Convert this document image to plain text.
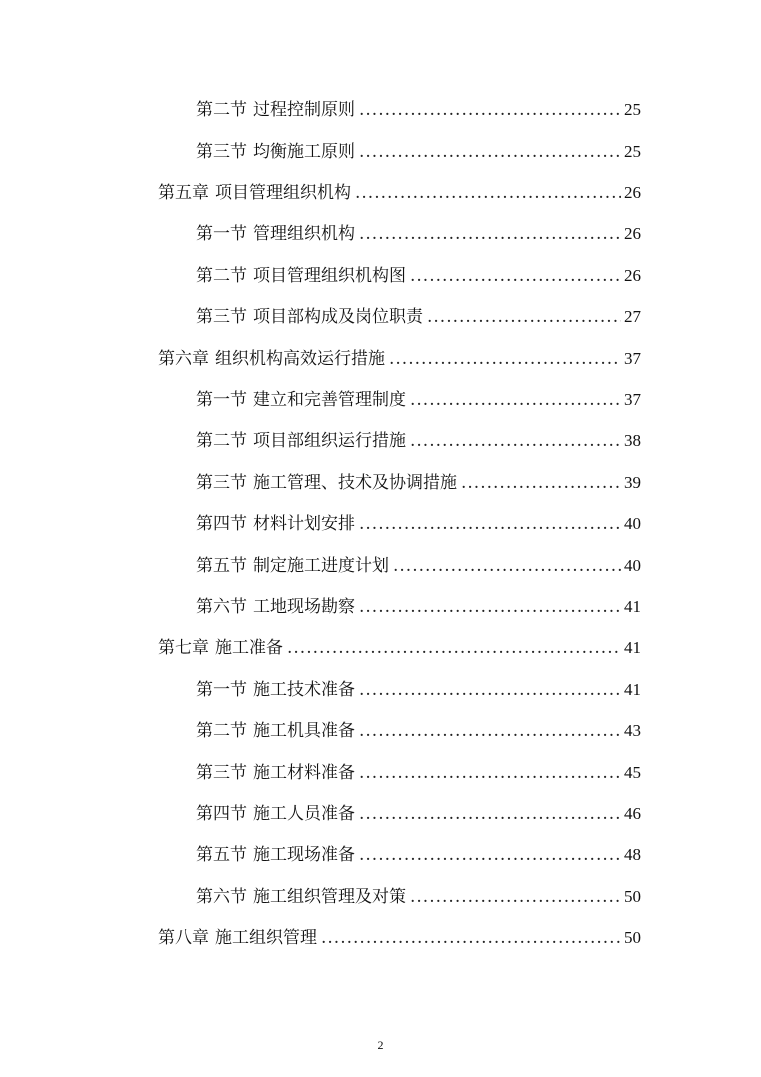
第二节 过程控制原则 .....	25
第三节 均衡施工原则 .....	25
第五章 项目管理组织机构 .....	26
第一节 管理组织机构 .....	26
第二节 项目管理组织机构图 .....	26
第三节 项目部构成及岗位职责 .....	27
第六章 组织机构高效运行措施 .....	37
第一节 建立和完善管理制度 .....	37
第二节 项目部组织运行措施 .....	38
第三节 施工管理、技术及协调措施 .....	39
第四节 材料计划安排 .....	40
第五节 制定施工进度计划 .....	40
第六节 工地现场勘察 .....	41
第七章 施工准备 .....	41
第一节 施工技术准备 .....	41
第二节 施工机具准备 .....	43
第三节 施工材料准备 .....	45
第四节 施工人员准备 .....	46
第五节 施工现场准备 .....	48
第六节 施工组织管理及对策 .....	50
第八章 施工组织管理 .....	50
2
